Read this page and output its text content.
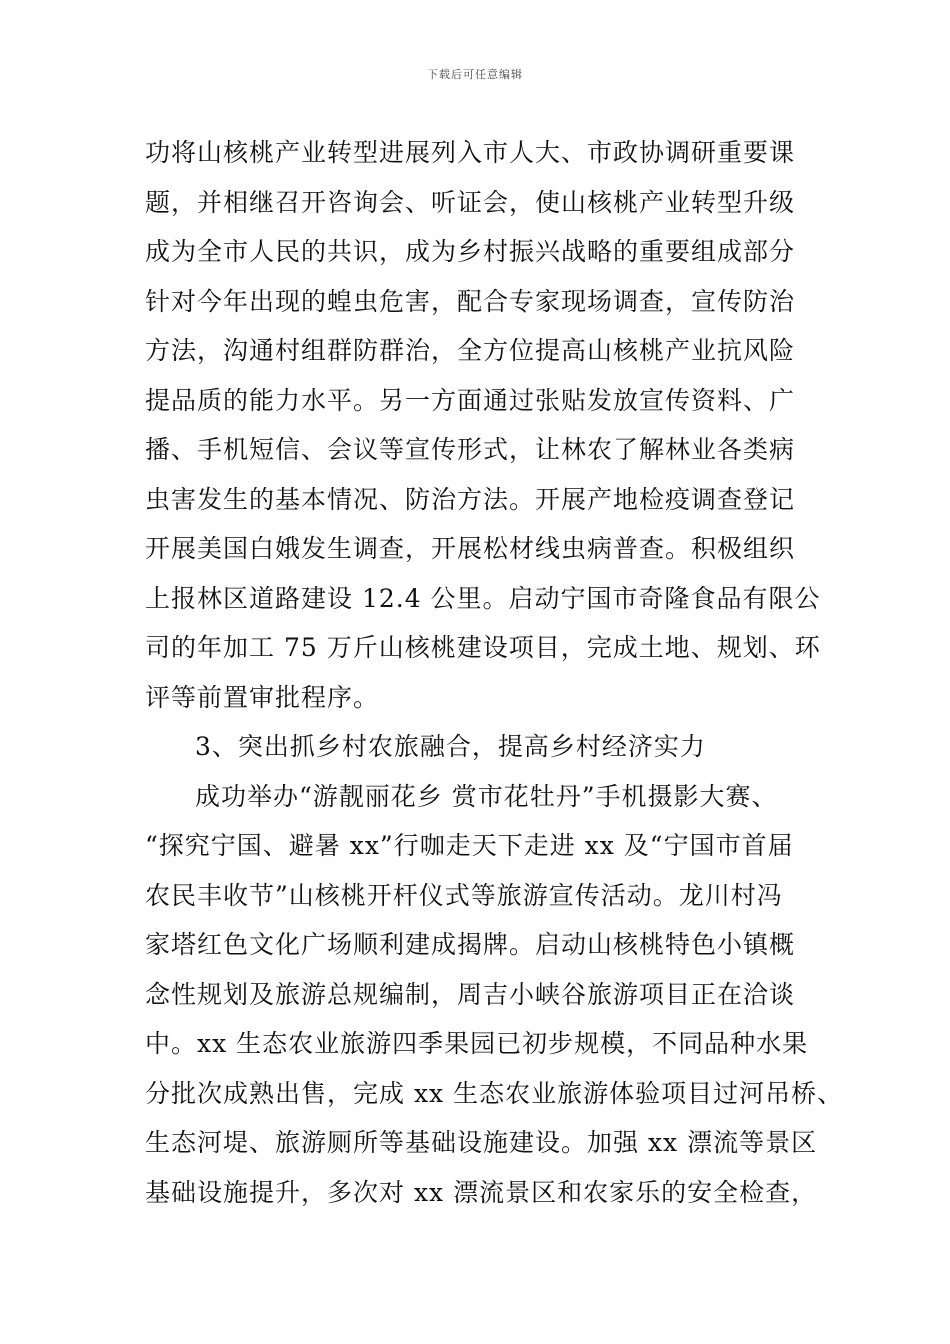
下载后可任意编辑
功将山核桃产业转型进展列入市人大、市政协调研重要课
题，并相继召开咨询会、听证会，使山核桃产业转型升级
成为全市人民的共识，成为乡村振兴战略的重要组成部分
针对今年出现的蝗虫危害，配合专家现场调查，宣传防治
方法，沟通村组群防群治，全方位提高山核桃产业抗风险
提品质的能力水平。另一方面通过张贴发放宣传资料、广
播、手机短信、会议等宣传形式，让林农了解林业各类病
虫害发生的基本情况、防治方法。开展产地检疫调查登记
开展美国白娥发生调查，开展松材线虫病普查。积极组织
上报林区道路建设 12.4 公里。启动宁国市奇隆食品有限公
司的年加工 75 万斤山核桃建设项目，完成土地、规划、环
评等前置审批程序。
3、突出抓乡村农旅融合，提高乡村经济实力
成功举办“游靓丽花乡 赏市花牡丹”手机摄影大赛、
“探究宁国、避暑 xx”行咖走天下走进 xx 及“宁国市首届
农民丰收节”山核桃开杆仪式等旅游宣传活动。龙川村冯
家塔红色文化广场顺利建成揭牌。启动山核桃特色小镇概
念性规划及旅游总规编制，周吉小峡谷旅游项目正在洽谈
中。xx 生态农业旅游四季果园已初步规模，不同品种水果
分批次成熟出售，完成 xx 生态农业旅游体验项目过河吊桥、
生态河堤、旅游厕所等基础设施建设。加强 xx 漂流等景区
基础设施提升，多次对 xx 漂流景区和农家乐的安全检查，
